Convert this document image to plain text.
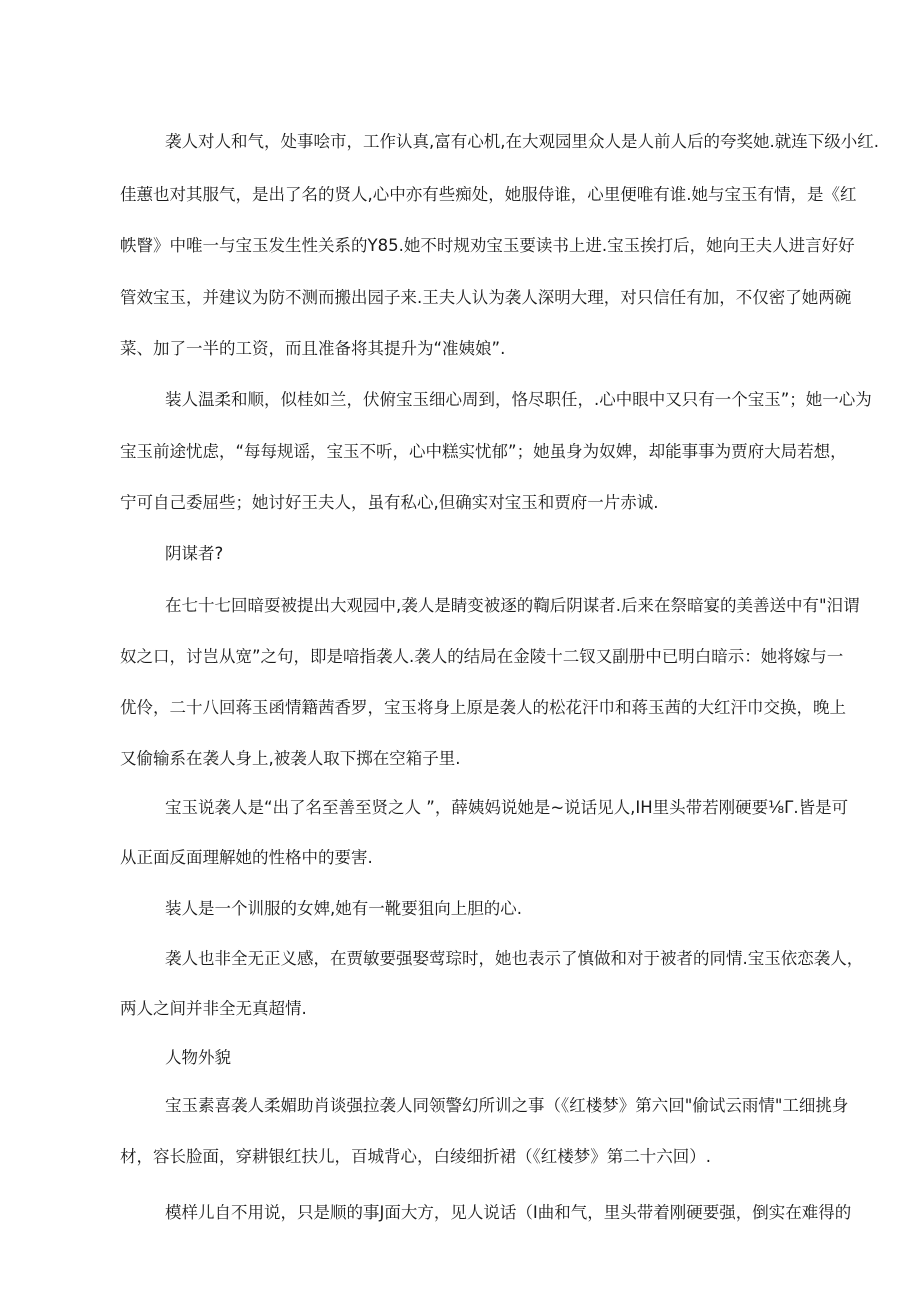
袭人对人和气，处事哙市，工作认真,富有心机,在大观园里众人是人前人后的夸奖她.就连下级小红.
佳蕙也对其服气，是出了名的贤人,心中亦有些痴处，她服侍谁，心里便唯有谁.她与宝玉有情，是《红
帙瞖》中唯一与宝玉发生性关系的Y85.她不时规劝宝玉要读书上进.宝玉挨打后，她向王夫人进言好好
管效宝玉，并建议为防不测而搬出园子来.王夫人认为袭人深明大理，对只信任有加，不仅密了她两碗
菜、加了一半的工资，而且准备将其提升为“准姨娘”.
装人温柔和顺，似桂如兰，伏俯宝玉细心周到，恪尽职任，.心中眼中又只有一个宝玉”；她一心为
宝玉前途忧虑，“每每规谣，宝玉不听，心中糕实忧郁”；她虽身为奴婢，却能事事为贾府大局若想，
宁可自己委屈些；她讨好王夫人，虽有私心,但确实对宝玉和贾府一片赤诚.
阴谋者?
在七十七回暗耍被提出大观园中,袭人是睛变被逐的鞫后阴谋者.后来在祭暗宴的美善送中有"汨谓
奴之口，讨岂从宽”之句，即是喑指袭人.袭人的结局在金陵十二钗又副册中已明白暗示：她将嫁与一
优伶，二十八回蒋玉函情籍茜香罗，宝玉将身上原是袭人的松花汗巾和蒋玉茜的大红汗巾交换，晚上
又偷输系在袭人身上,被袭人取下掷在空箱子里.
宝玉说袭人是“出了名至善至贤之人 ”，薛姨妈说她是~说话见人,IH里头带若刚硬要⅛Γ.皆是可
从正面反面理解她的性格中的要害.
装人是一个训服的女婢,她有一靴要狙向上胆的心.
袭人也非全无正义感，在贾敏要强娶莺琮时，她也表示了慎做和对于被者的同情.宝玉依恋袭人，
两人之间并非全无真超情.
人物外貌
宝玉素喜袭人柔媚助肖谈强拉袭人同领警幻所训之事（《红楼梦》第六回"偷试云雨情"工细挑身
材，容长脸面，穿耕银红扶儿，百城背心，白绫细折裙（《红楼梦》第二十六回）.
模样儿自不用说，只是顺的事J面大方，见人说话（I曲和气，里头带着刚硬要强，倒实在难得的
